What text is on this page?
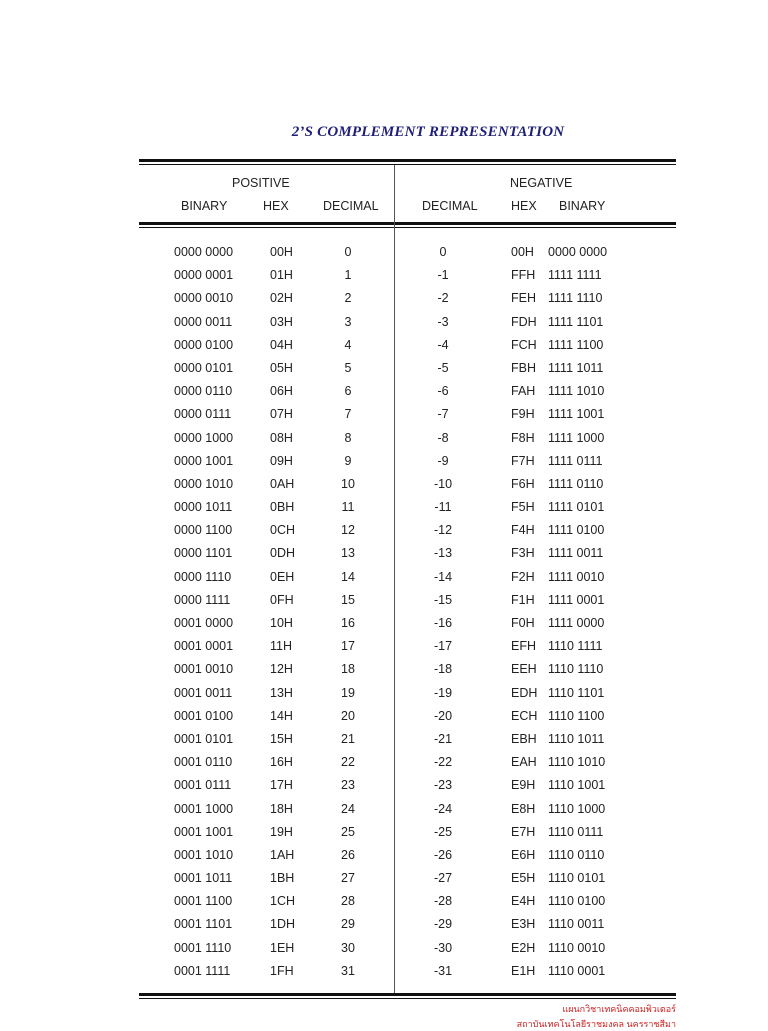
2’S COMPLEMENT REPRESENTATION
POSITIVE	NEGATIVE
BINARY	HEX	DECIMAL	DECIMAL	HEX BINARY
0000 0000	00H	0	0	00H 0000 0000
0000 0001	01H	1	-1	FFH 1111 1111
0000 0010	02H	2	-2	FEH 1111 1110
0000 0011	03H	3	-3	FDH 1111 1101
0000 0100	04H	4	-4	FCH 1111 1100
0000 0101	05H	5	-5	FBH 1111 1011
0000 0110	06H	6	-6	FAH 1111 1010
0000 0111	07H	7	-7	F9H 1111 1001
0000 1000	08H	8	-8	F8H 1111 1000
0000 1001	09H	9	-9	F7H 1111 0111
0000 1010	0AH	10	-10	F6H 1111 0110
0000 1011	0BH	11	-11	F5H 1111 0101
0000 1100	0CH	12	-12	F4H 1111 0100
0000 1101	0DH	13	-13	F3H 1111 0011
0000 1110	0EH	14	-14	F2H 1111 0010
0000 1111	0FH	15	-15	F1H 1111 0001
0001 0000	10H	16	-16	F0H 1111 0000
0001 0001	11H	17	-17	EFH 1110 1111
0001 0010	12H	18	-18	EEH 1110 1110
0001 0011	13H	19	-19	EDH 1110 1101
0001 0100	14H	20	-20	ECH 1110 1100
0001 0101	15H	21	-21	EBH 1110 1011
0001 0110	16H	22	-22	EAH 1110 1010
0001 0111	17H	23	-23	E9H 1110 1001
0001 1000	18H	24	-24	E8H 1110 1000
0001 1001	19H	25	-25	E7H 1110 0111
0001 1010	1AH	26	-26	E6H 1110 0110
0001 1011	1BH	27	-27	E5H 1110 0101
0001 1100	1CH	28	-28	E4H 1110 0100
0001 1101	1DH	29	-29	E3H 1110 0011
0001 1110	1EH	30	-30	E2H 1110 0010
0001 1111	1FH	31	-31	E1H 1110 0001
แผนกวิชาเทคนิคคอมพิวเตอร์
สถาบันเทคโนโลยีราชมงคล นครราชสีมา
